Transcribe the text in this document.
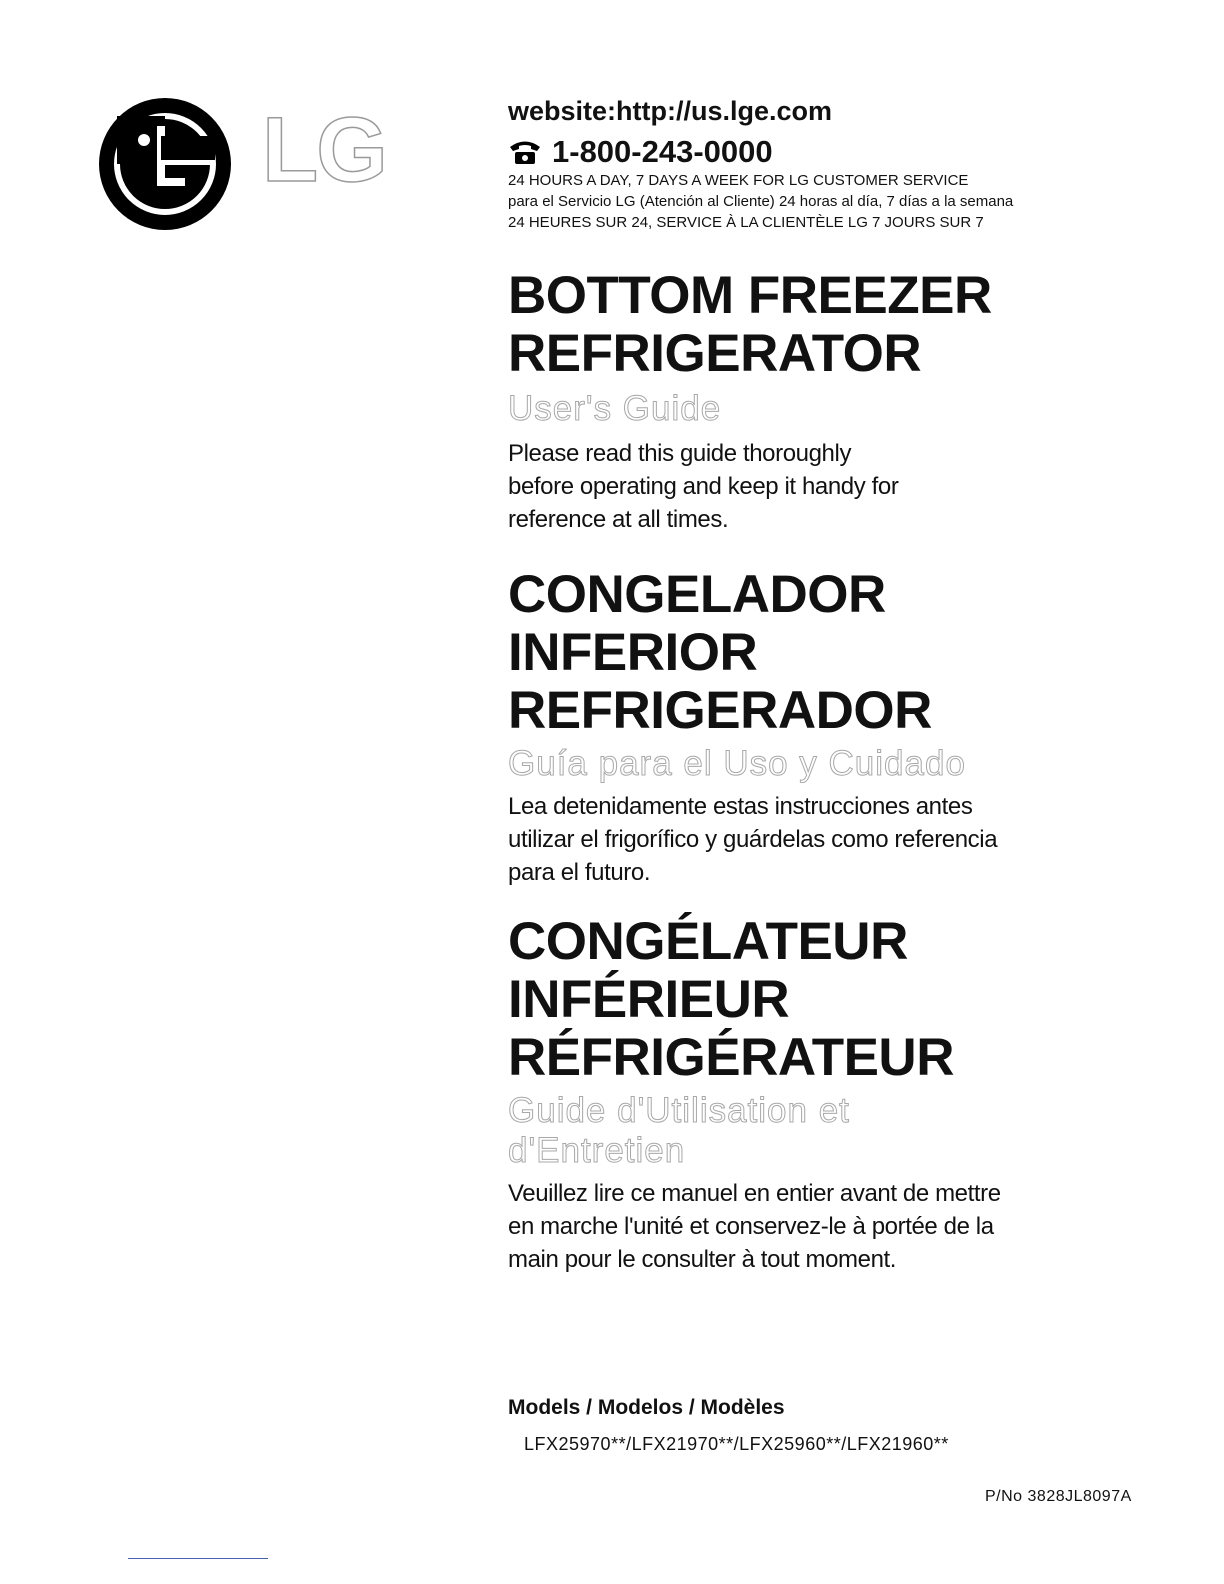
LG	website:http://us.lge.com

1-800-243-0000

24 HOURS A DAY, 7 DAYS A WEEK FOR LG CUSTOMER SERVICE

para el Servicio LG (Atención al Cliente) 24 horas al día, 7 días a la semana

24 HEURES SUR 24, SERVICE À LA CLIENTÈLE LG 7 JOURS SUR 7

BOTTOM FREEZER

REFRIGERATOR

User's Guide

Please read this guide thoroughly

before operating and keep it handy for

reference at all times.

CONGELADOR

INFERIOR

REFRIGERADOR

Guía para el Uso y Cuidado

Lea detenidamente estas instrucciones antes

utilizar el frigorífico y guárdelas como referencia

para el futuro.

CONGÉLATEUR

INFÉRIEUR

RÉFRIGÉRATEUR

Guide d'Utilisation et

d'Entretien

Veuillez lire ce manuel en entier avant de mettre

en marche l'unité et conservez-le à portée de la

main pour le consulter à tout moment.

Models / Modelos / Modèles
LFX25970**/LFX21970**/LFX25960**/LFX21960**
P/No 3828JL8097A
